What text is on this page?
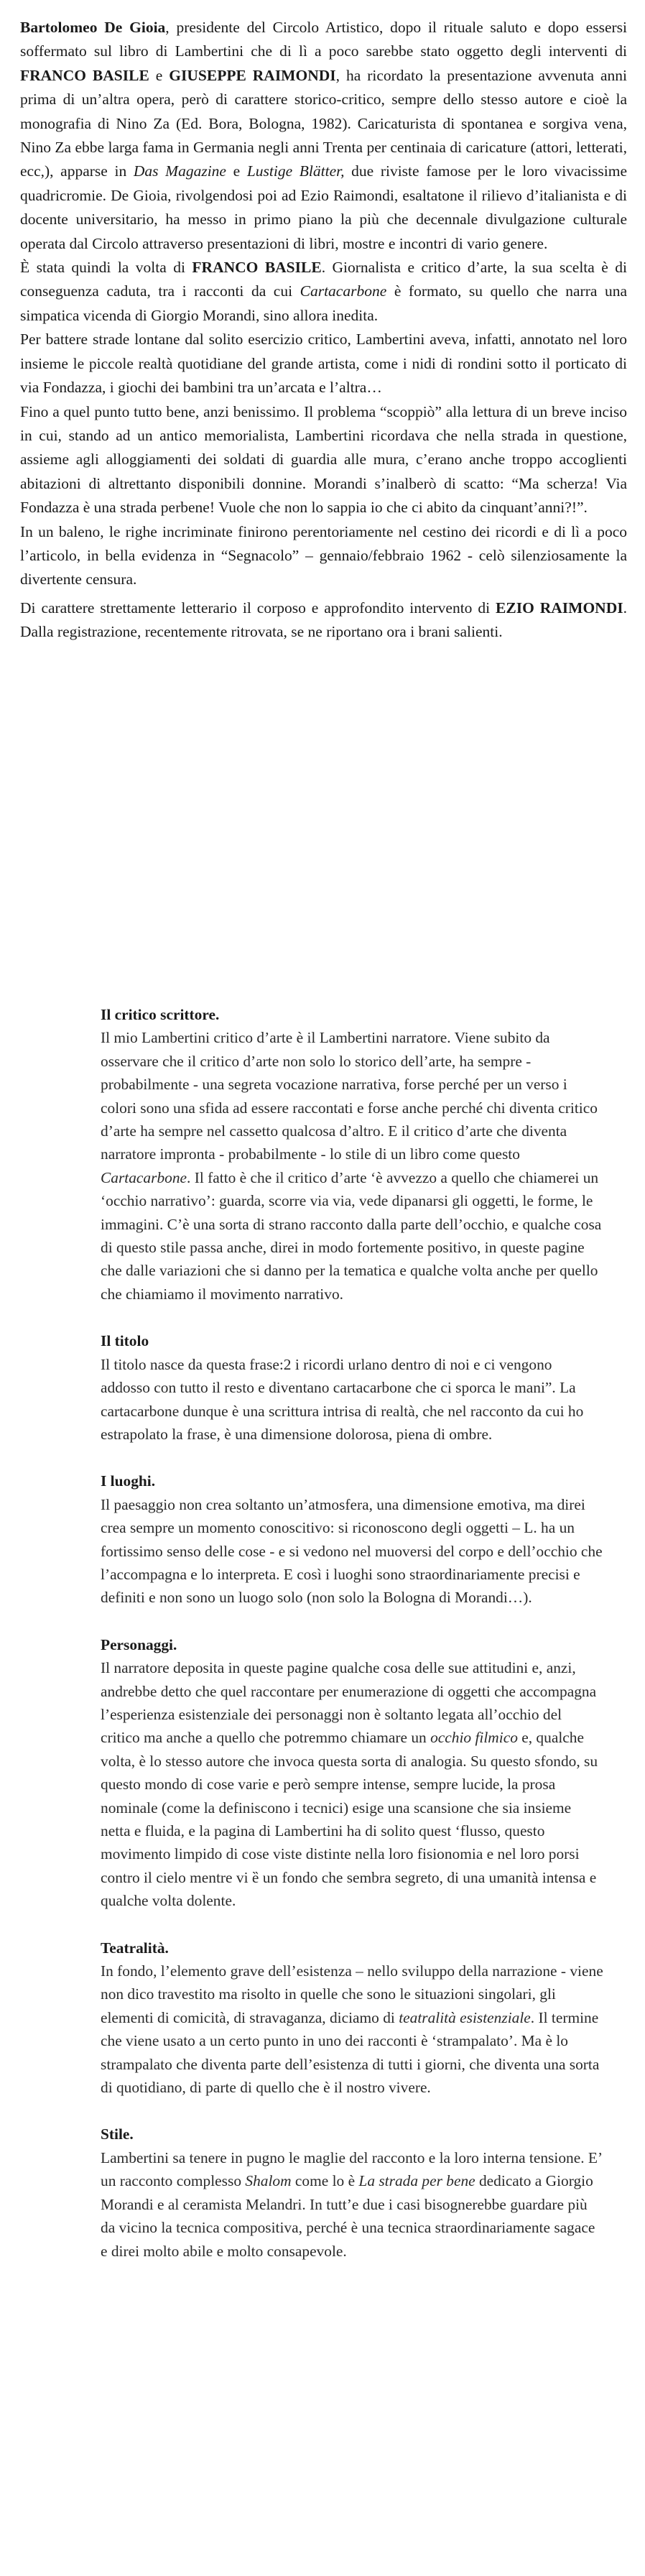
Bartolomeo De Gioia, presidente del Circolo Artistico, dopo il rituale saluto e dopo essersi soffermato sul libro di Lambertini che di lì a poco sarebbe stato oggetto degli interventi di FRANCO BASILE e GIUSEPPE RAIMONDI, ha ricordato la presentazione avvenuta anni prima di un’altra opera, però di carattere storico-critico, sempre dello stesso autore e cioè la monografia di Nino Za (Ed. Bora, Bologna, 1982). Caricaturista di spontanea e sorgiva vena, Nino Za ebbe larga fama in Germania negli anni Trenta per centinaia di caricature (attori, letterati, ecc,), apparse in Das Magazine e Lustige Blätter, due riviste famose per le loro vivacissime quadricromie. De Gioia, rivolgendosi poi ad Ezio Raimondi, esaltatone il rilievo d’italianista e di docente universitario, ha messo in primo piano la più che decennale divulgazione culturale operata dal Circolo attraverso presentazioni di libri, mostre e incontri di vario genere.

È stata quindi la volta di FRANCO BASILE. Giornalista e critico d’arte, la sua scelta è di conseguenza caduta, tra i racconti da cui Cartacarbone è formato, su quello che narra una simpatica vicenda di Giorgio Morandi, sino allora inedita.

Per battere strade lontane dal solito esercizio critico, Lambertini aveva, infatti, annotato nel loro insieme le piccole realtà quotidiane del grande artista, come i nidi di rondini sotto il porticato di via Fondazza, i giochi dei bambini tra un’arcata e l’altra…

Fino a quel punto tutto bene, anzi benissimo. Il problema “scoppiò” alla lettura di un breve inciso in cui, stando ad un antico memorialista, Lambertini ricordava che nella strada in questione, assieme agli alloggiamenti dei soldati di guardia alle mura, c’erano anche troppo accoglienti abitazioni di altrettanto disponibili donnine. Morandi s’inalberò di scatto: “Ma scherza! Via Fondazza è una strada perbene! Vuole che non lo sappia io che ci abito da cinquant’anni?!”.

In un baleno, le righe incriminate finirono perentoriamente nel cestino dei ricordi e di lì a poco l’articolo, in bella evidenza in “Segnacolo” – gennaio/febbraio 1962 - celò silenziosamente la divertente censura.

Di carattere strettamente letterario il corposo e approfondito intervento di EZIO RAIMONDI. Dalla registrazione, recentemente ritrovata, se ne riportano ora i brani salienti.

Il critico scrittore.

Il mio Lambertini critico d’arte è il Lambertini narratore. Viene subito da osservare che il critico d’arte non solo lo storico dell’arte, ha sempre - probabilmente - una segreta vocazione narrativa, forse perché per un verso i colori sono una sfida ad essere raccontati e forse anche perché chi diventa critico d’arte ha sempre nel cassetto qualcosa d’altro. E il critico d’arte che diventa narratore impronta - probabilmente - lo stile di un libro come questo Cartacarbone. Il fatto è che il critico d’arte ‘è avvezzo a quello che chiamerei un ‘occhio narrativo’: guarda, scorre via via, vede dipanarsi gli oggetti, le forme, le immagini. C’è una sorta di strano racconto dalla parte dell’occhio, e qualche cosa di questo stile passa anche, direi in modo fortemente positivo, in queste pagine che dalle variazioni che si danno per la tematica e qualche volta anche per quello che chiamiamo il movimento narrativo.

Il titolo

Il titolo nasce da questa frase:2 i ricordi urlano dentro di noi e ci vengono addosso con tutto il resto e diventano cartacarbone che ci sporca le mani”. La cartacarbone dunque è una scrittura intrisa di realtà, che nel racconto da cui ho estrapolato la frase, è una dimensione dolorosa, piena di ombre.

I luoghi.

Il paesaggio non crea soltanto un’atmosfera, una dimensione emotiva, ma direi crea sempre un momento conoscitivo: si riconoscono degli oggetti – L. ha un fortissimo senso delle cose - e si vedono nel muoversi del corpo e dell’occhio che l’accompagna e lo interpreta. E così i luoghi sono straordinariamente precisi e definiti e non sono un luogo solo (non solo la Bologna di Morandi…).

Personaggi.

Il narratore deposita in queste pagine qualche cosa delle sue attitudini e, anzi, andrebbe detto che quel raccontare per enumerazione di oggetti che accompagna l’esperienza esistenziale dei personaggi non è soltanto legata all’occhio del critico ma anche a quello che potremmo chiamare un occhio filmico e, qualche volta, è lo stesso autore che invoca questa sorta di analogia. Su questo sfondo, su questo mondo di cose varie e però sempre intense, sempre lucide, la prosa nominale (come la definiscono i tecnici) esige una scansione che sia insieme netta e fluida, e la pagina di Lambertini ha di solito quest ‘flusso, questo movimento limpido di cose viste distinte nella loro fisionomia e nel loro porsi contro il cielo mentre vi ȅ un fondo che sembra segreto, di una umanità intensa e qualche volta dolente.

Teatralità.

In fondo, l’elemento grave dell’esistenza – nello sviluppo della narrazione - viene non dico travestito ma risolto in quelle che sono le situazioni singolari, gli elementi di comicità, di stravaganza, diciamo di teatralità esistenziale. Il termine che viene usato a un certo punto in uno dei racconti è ‘strampalato’. Ma è lo strampalato che diventa parte dell’esistenza di tutti i giorni, che diventa una sorta di quotidiano, di parte di quello che è il nostro vivere.

Stile.

Lambertini sa tenere in pugno le maglie del racconto e la loro interna tensione. E’ un racconto complesso Shalom come lo è La strada per bene dedicato a Giorgio Morandi e al ceramista Melandri. In tutt’e due i casi bisognerebbe guardare più da vicino la tecnica compositiva, perché è una tecnica straordinariamente sagace e direi molto abile e molto consapevole.
